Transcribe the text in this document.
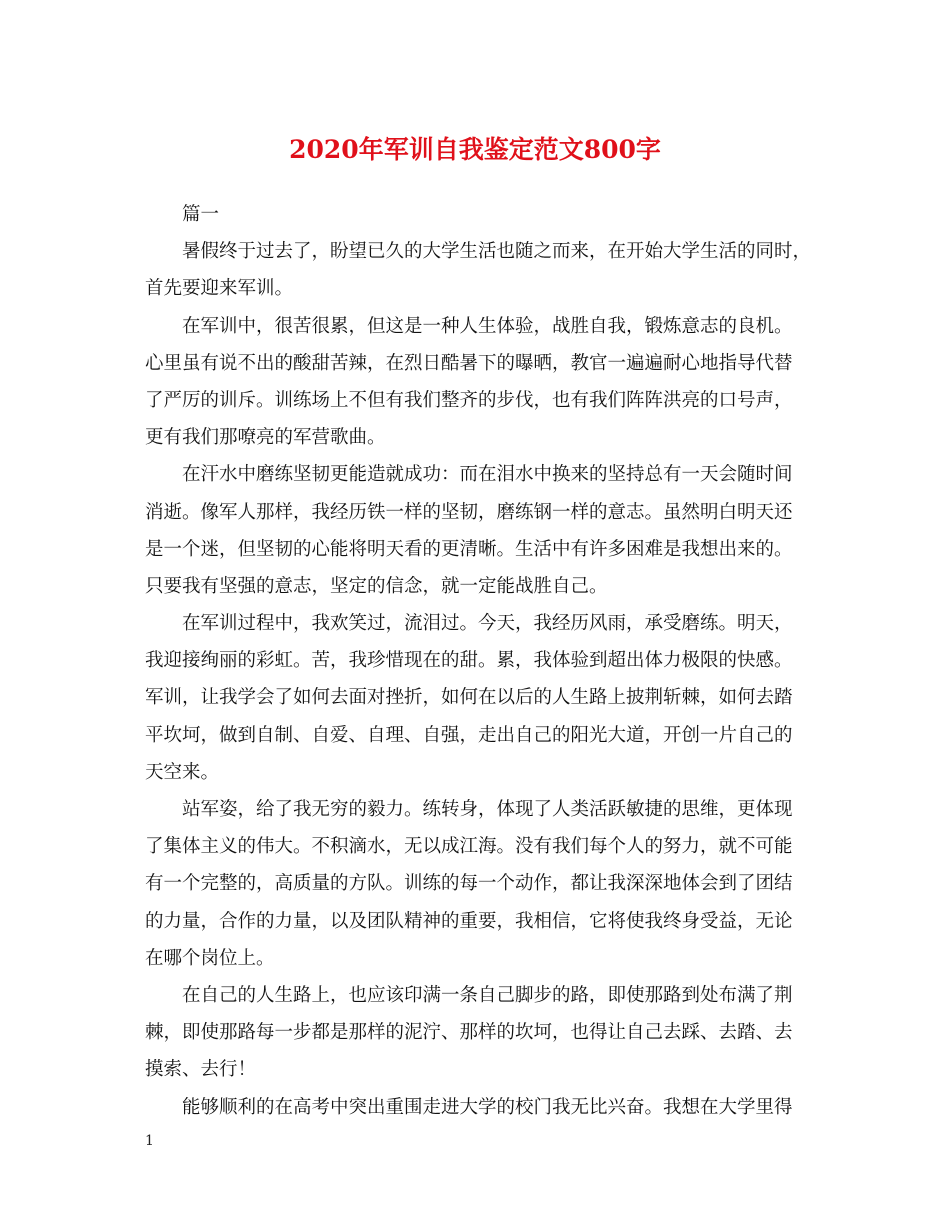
2020年军训自我鉴定范文800字
篇一
暑假终于过去了，盼望已久的大学生活也随之而来，在开始大学生活的同时，
首先要迎来军训。
在军训中，很苦很累，但这是一种人生体验，战胜自我，锻炼意志的良机。
心里虽有说不出的酸甜苦辣，在烈日酷暑下的曝晒，教官一遍遍耐心地指导代替
了严厉的训斥。训练场上不但有我们整齐的步伐，也有我们阵阵洪亮的口号声，
更有我们那嘹亮的军营歌曲。
在汗水中磨练坚韧更能造就成功：而在泪水中换来的坚持总有一天会随时间
消逝。像军人那样，我经历铁一样的坚韧，磨练钢一样的意志。虽然明白明天还
是一个迷，但坚韧的心能将明天看的更清晰。生活中有许多困难是我想出来的。
只要我有坚强的意志，坚定的信念，就一定能战胜自己。
在军训过程中，我欢笑过，流泪过。今天，我经历风雨，承受磨练。明天，
我迎接绚丽的彩虹。苦，我珍惜现在的甜。累，我体验到超出体力极限的快感。
军训，让我学会了如何去面对挫折，如何在以后的人生路上披荆斩棘，如何去踏
平坎坷，做到自制、自爱、自理、自强，走出自己的阳光大道，开创一片自己的
天空来。
站军姿，给了我无穷的毅力。练转身，体现了人类活跃敏捷的思维，更体现
了集体主义的伟大。不积滴水，无以成江海。没有我们每个人的努力，就不可能
有一个完整的，高质量的方队。训练的每一个动作，都让我深深地体会到了团结
的力量，合作的力量，以及团队精神的重要，我相信，它将使我终身受益，无论
在哪个岗位上。
在自己的人生路上，也应该印满一条自己脚步的路，即使那路到处布满了荆
棘，即使那路每一步都是那样的泥泞、那样的坎坷，也得让自己去踩、去踏、去
摸索、去行！
能够顺利的在高考中突出重围走进大学的校门我无比兴奋。我想在大学里得
1
